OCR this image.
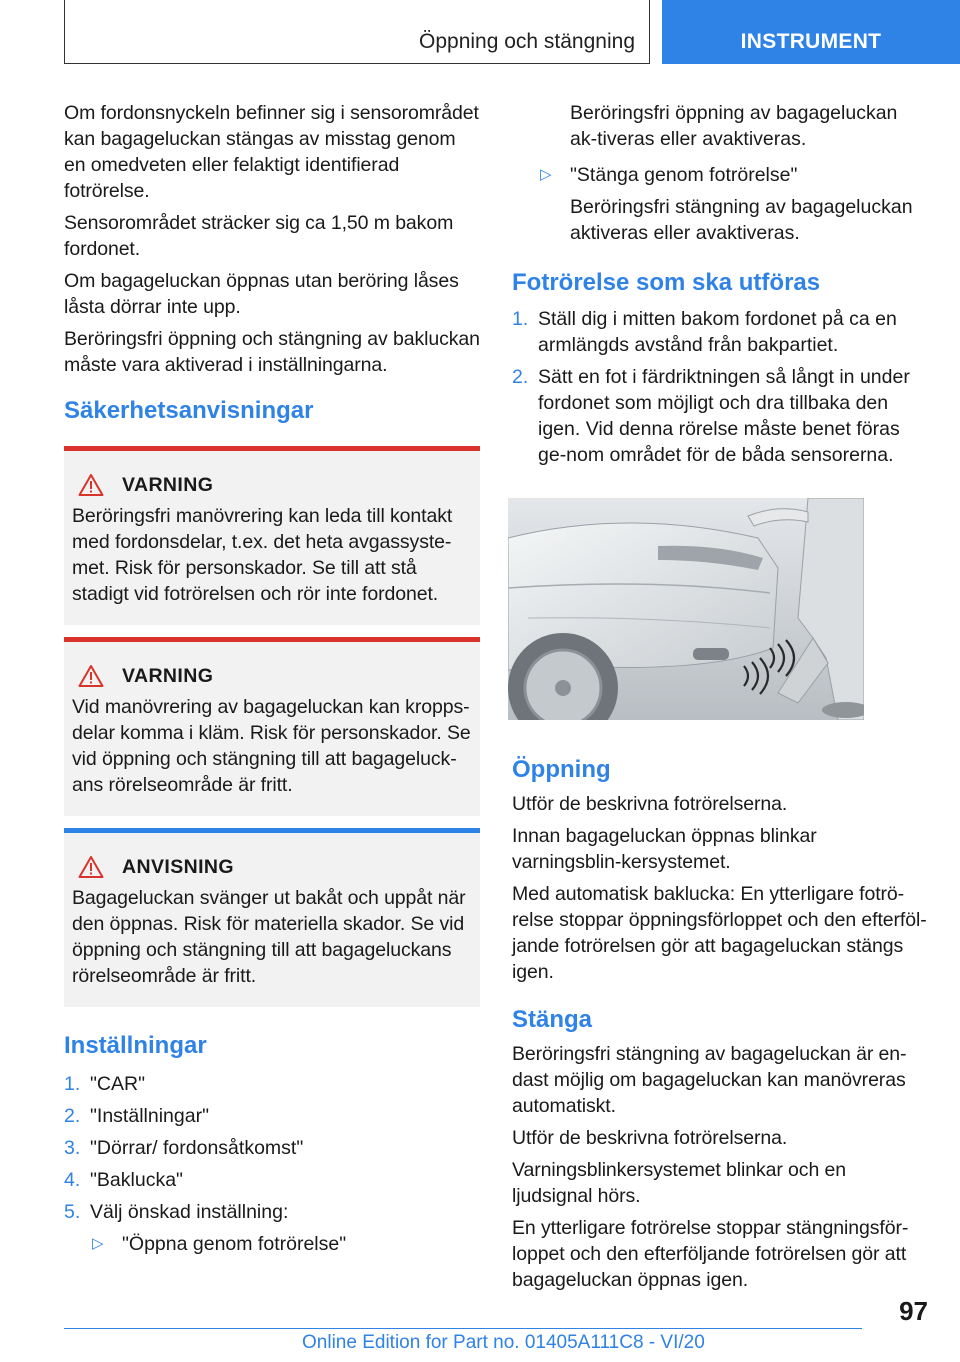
Öppning och stängning	INSTRUMENT

Om fordonsnyckeln befinner sig i sensorområdet kan bagageluckan stängas av misstag genom en omedveten eller felaktigt identifierad fotrörelse.

Sensorområdet sträcker sig ca 1,50 m bakom fordonet.

Om bagageluckan öppnas utan beröring låses låsta dörrar inte upp.

Beröringsfri öppning och stängning av bakluckan måste vara aktiverad i inställningarna.

Säkerhetsanvisningar
VARNING
Beröringsfri manövrering kan leda till kontakt med fordonsdelar, t.ex. det heta avgassyste-met. Risk för personskador. Se till att stå stadigt vid fotrörelsen och rör inte fordonet.
VARNING
Vid manövrering av bagageluckan kan kropps-delar komma i kläm. Risk för personskador. Se vid öppning och stängning till att bagageluck-ans rörelseområde är fritt.
ANVISNING
Bagageluckan svänger ut bakåt och uppåt när den öppnas. Risk för materiella skador. Se vid öppning och stängning till att bagageluckans rörelseområde är fritt.
Inställningar
1. "CAR"
2. "Inställningar"
3. "Dörrar/ fordonsåtkomst"
4. "Baklucka"
5. Välj önskad inställning:
▷ "Öppna genom fotrörelse"
Beröringsfri öppning av bagageluckan ak-tiveras eller avaktiveras.
▷ "Stänga genom fotrörelse"
Beröringsfri stängning av bagageluckan aktiveras eller avaktiveras.
Fotrörelse som ska utföras
1. Ställ dig i mitten bakom fordonet på ca en armlängds avstånd från bakpartiet.
2. Sätt en fot i färdriktningen så långt in under fordonet som möjligt och dra tillbaka den igen. Vid denna rörelse måste benet föras ge-nom området för de båda sensorerna.
Öppning

Utför de beskrivna fotrörelserna.

Innan bagageluckan öppnas blinkar varningsblin-kersystemet.

Med automatisk baklucka: En ytterligare fotrö-relse stoppar öppningsförloppet och den efterföl-jande fotrörelsen gör att bagageluckan stängs igen.

Stänga

Beröringsfri stängning av bagageluckan är en-dast möjlig om bagageluckan kan manövreras automatiskt.

Utför de beskrivna fotrörelserna.

Varningsblinkersystemet blinkar och en ljudsignal hörs.

En ytterligare fotrörelse stoppar stängningsför-loppet och den efterföljande fotrörelsen gör att bagageluckan öppnas igen.

97
Online Edition for Part no. 01405A111C8 - VI/20
